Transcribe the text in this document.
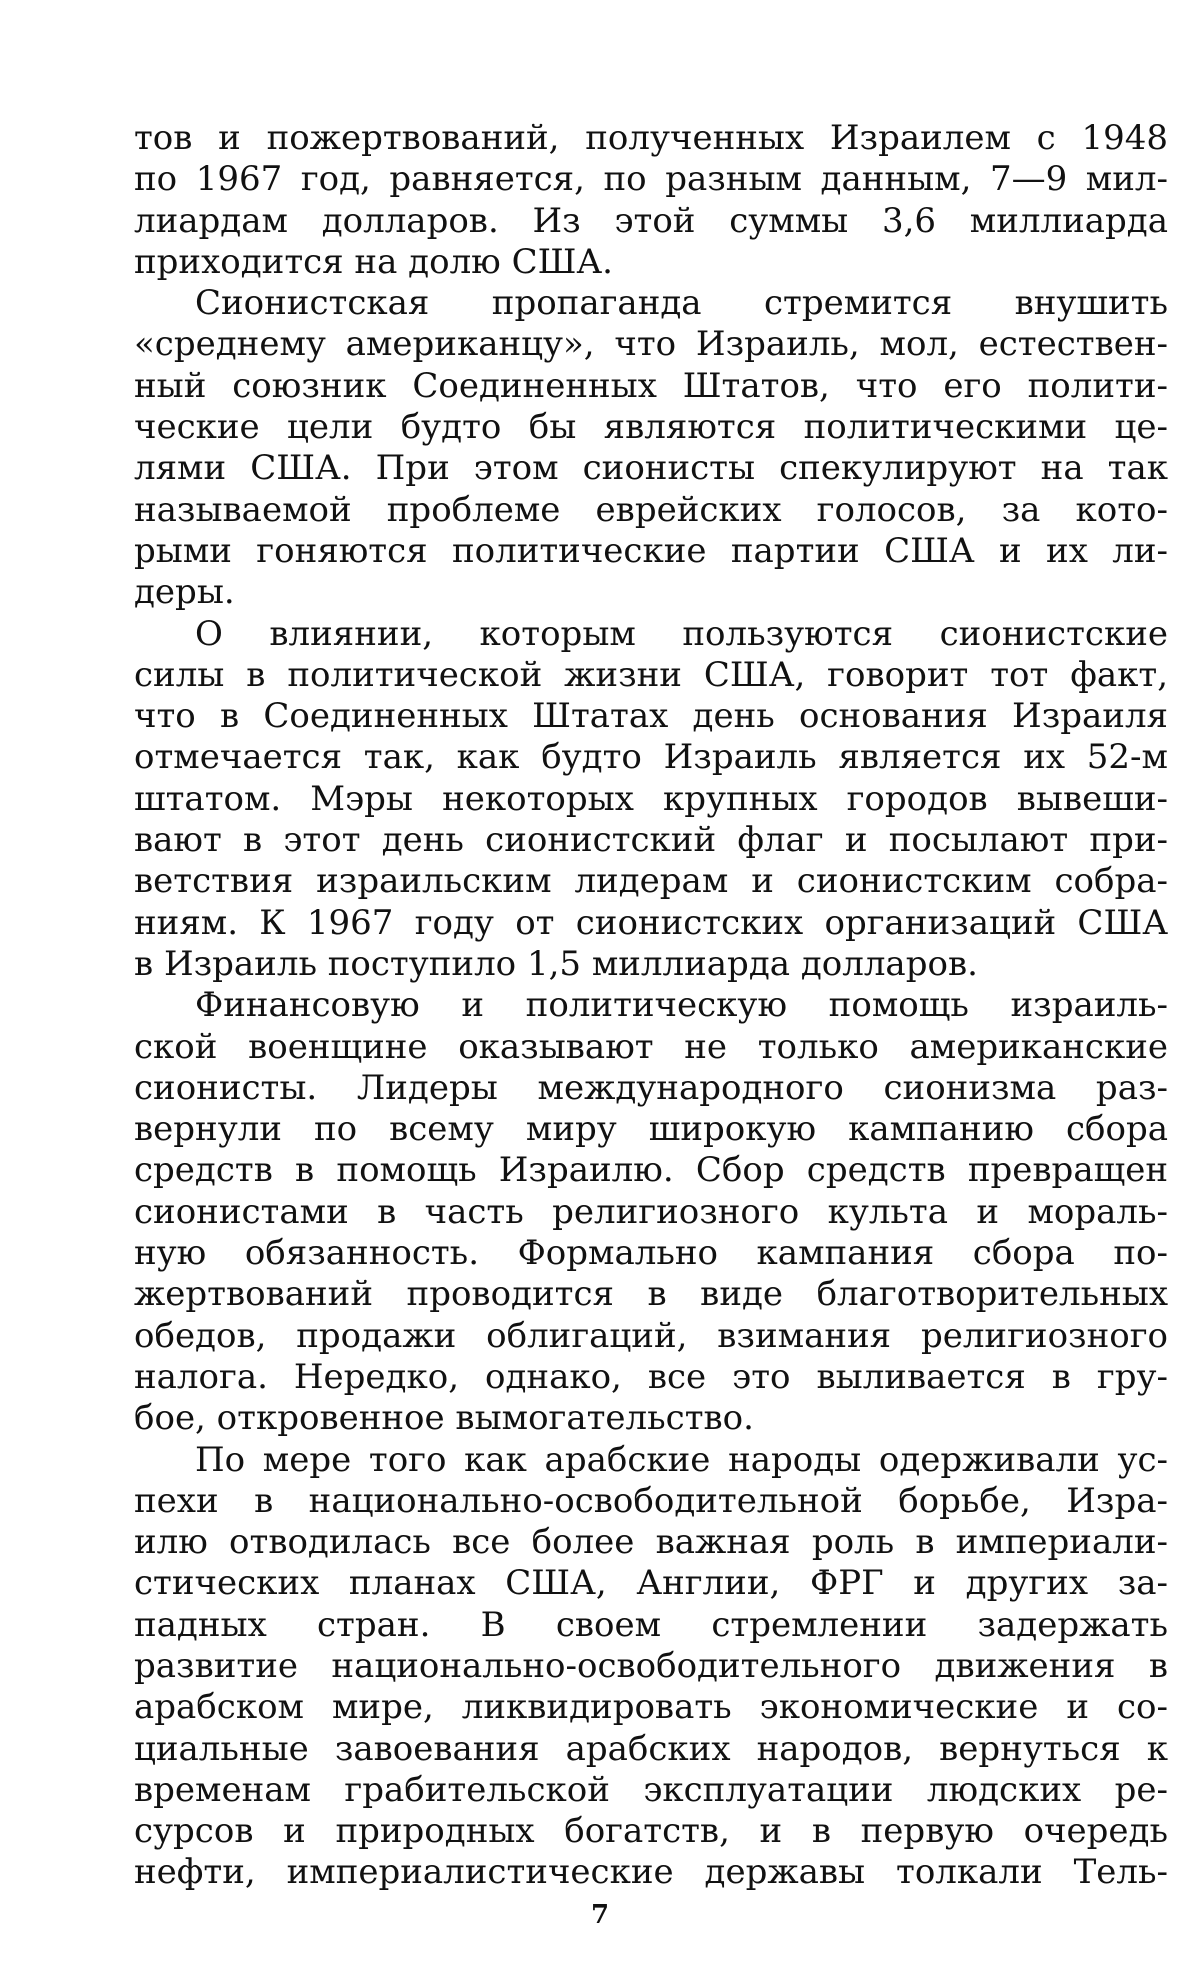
тов и пожертвований, полученных Израилем с 1948
по 1967 год, равняется, по разным данным, 7—9 мил-
лиардам долларов. Из этой суммы 3,6 миллиарда
приходится на долю США.
Сионистская пропаганда стремится внушить
«среднему американцу», что Израиль, мол, естествен-
ный союзник Соединенных Штатов, что его полити-
ческие цели будто бы являются политическими це-
лями США. При этом сионисты спекулируют на так
называемой проблеме еврейских голосов, за кото-
рыми гоняются политические партии США и их ли-
деры.
О влиянии, которым пользуются сионистские
силы в политической жизни США, говорит тот факт,
что в Соединенных Штатах день основания Израиля
отмечается так, как будто Израиль является их 52-м
штатом. Мэры некоторых крупных городов вывеши-
вают в этот день сионистский флаг и посылают при-
ветствия израильским лидерам и сионистским собра-
ниям. К 1967 году от сионистских организаций США
в Израиль поступило 1,5 миллиарда долларов.
Финансовую и политическую помощь израиль-
ской военщине оказывают не только американские
сионисты. Лидеры международного сионизма раз-
вернули по всему миру широкую кампанию сбора
средств в помощь Израилю. Сбор средств превращен
сионистами в часть религиозного культа и мораль-
ную обязанность. Формально кампания сбора по-
жертвований проводится в виде благотворительных
обедов, продажи облигаций, взимания религиозного
налога. Нередко, однако, все это выливается в гру-
бое, откровенное вымогательство.
По мере того как арабские народы одерживали ус-
пехи в национально-освободительной борьбе, Изра-
илю отводилась все более важная роль в империали-
стических планах США, Англии, ФРГ и других за-
падных стран. В своем стремлении задержать
развитие национально-освободительного движения в
арабском мире, ликвидировать экономические и со-
циальные завоевания арабских народов, вернуться к
временам грабительской эксплуатации людских ре-
сурсов и природных богатств, и в первую очередь
нефти, империалистические державы толкали Тель-
7
